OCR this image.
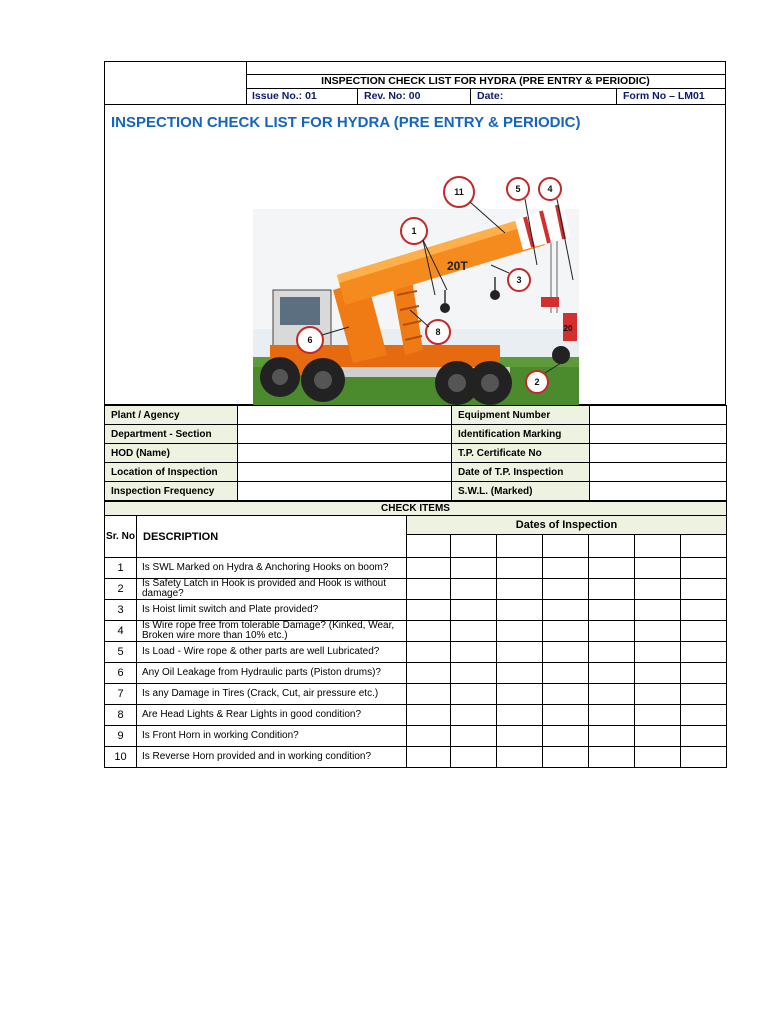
INSPECTION CHECK LIST FOR HYDRA (PRE ENTRY & PERIODIC)
Issue No.: 01	Rev. No: 00	Date:	Form No – LM01
20T
11	5	4
1
3
6
8
2
20
INSPECTION CHECK LIST FOR HYDRA (PRE ENTRY & PERIODIC)
Plant / Agency		Equipment Number	
Department - Section		Identification Marking	
HOD (Name)		T.P. Certificate No	
Location of Inspection		Date of T.P. Inspection	
Inspection Frequency		S.W.L. (Marked)	
CHECK ITEMS								
Sr. No	DESCRIPTION	Dates of Inspection						

1	Is SWL Marked on Hydra & Anchoring Hooks on boom?							
2	Is Safety Latch in Hook is provided and Hook is without damage?							
3	Is Hoist limit switch and Plate provided?							
4	Is Wire rope free from tolerable Damage? (Kinked, Wear, Broken wire more than 10% etc.)							
5	Is Load - Wire rope & other parts are well Lubricated?							
6	Any Oil Leakage from Hydraulic parts (Piston drums)?							
7	Is any Damage in Tires (Crack, Cut, air pressure etc.)							
8	Are Head Lights & Rear Lights in good condition?							
9	Is Front Horn in working Condition?							
10	Is Reverse Horn provided and in working condition?							
